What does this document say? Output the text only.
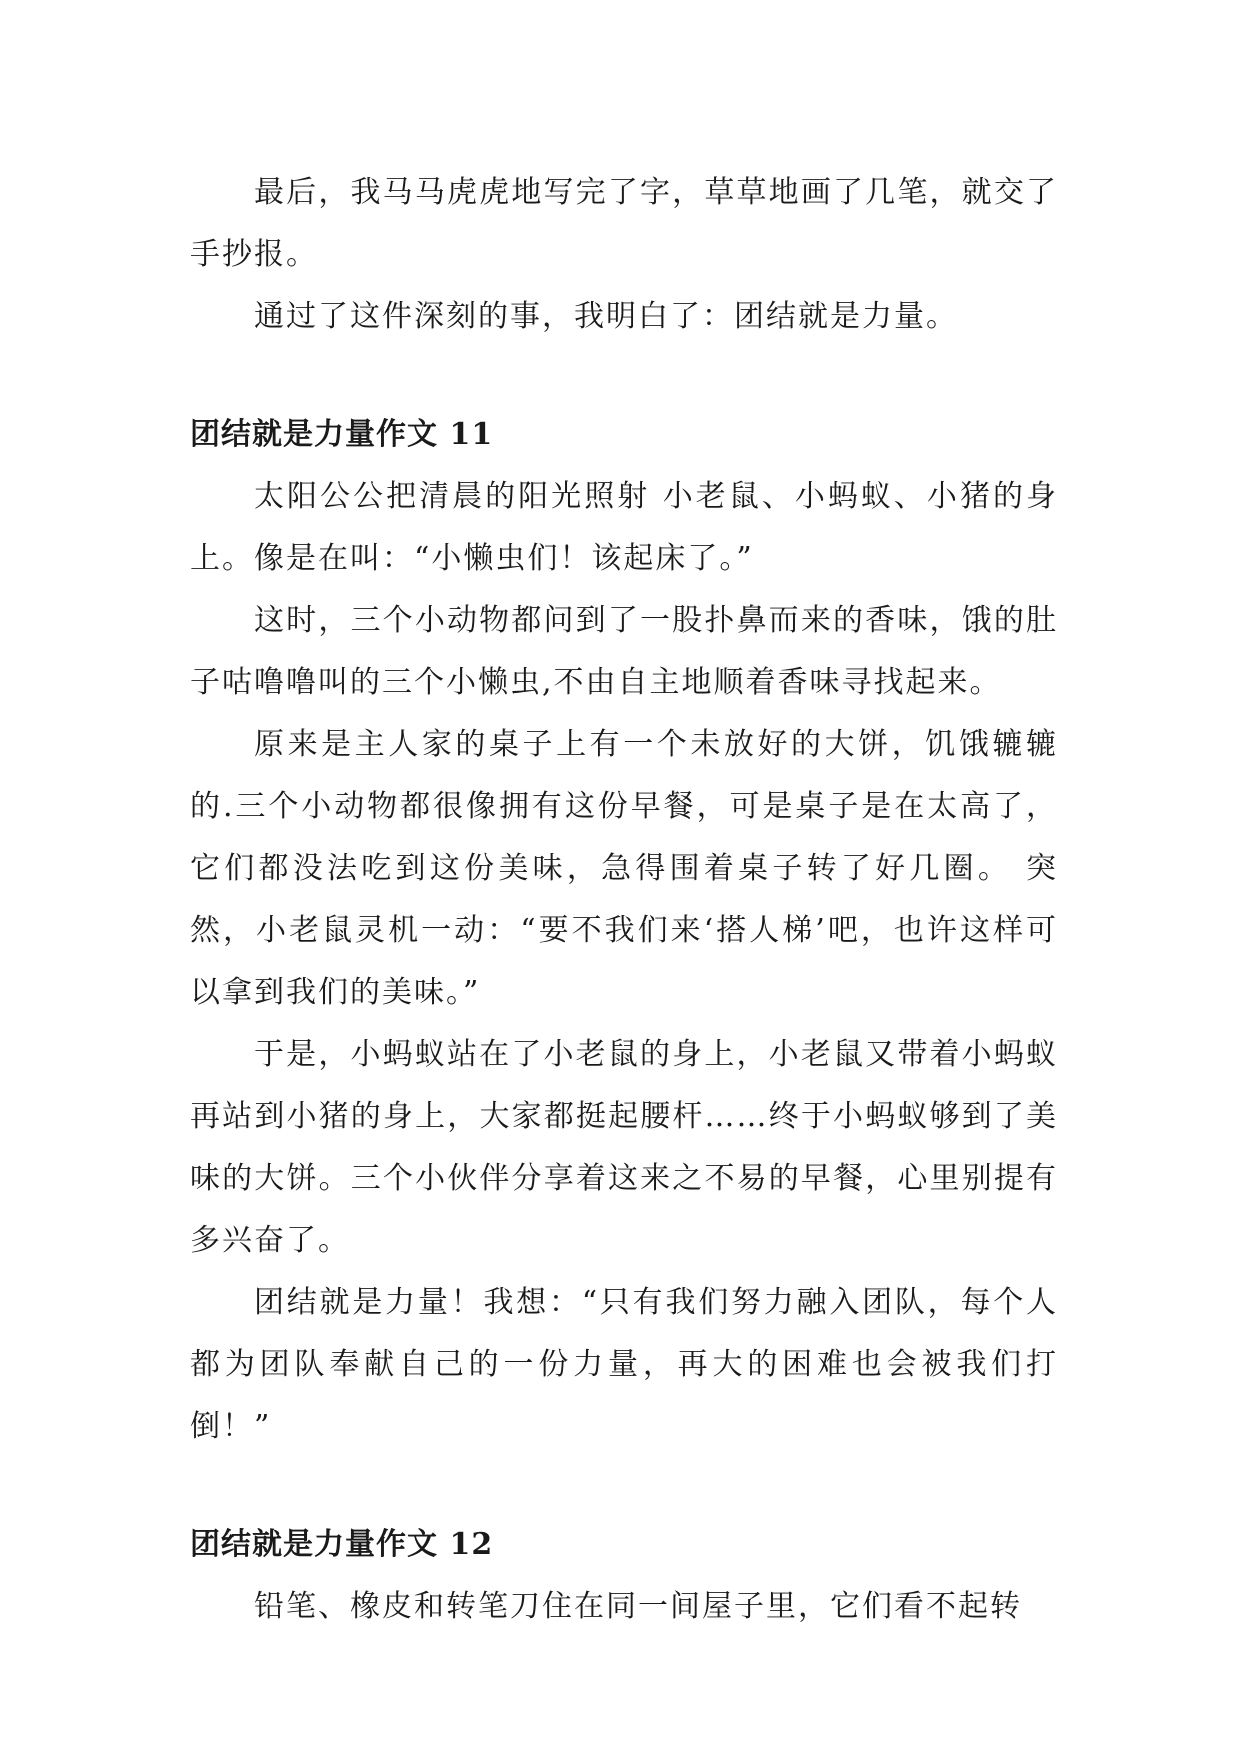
最后，我马马虎虎地写完了字，草草地画了几笔，就交了手抄报。

通过了这件深刻的事，我明白了：团结就是力量。

团结就是力量作文 11

太阳公公把清晨的阳光照射 小老鼠、小蚂蚁、小猪的身上。像是在叫：“小懒虫们！该起床了。”

这时，三个小动物都问到了一股扑鼻而来的香味，饿的肚子咕噜噜叫的三个小懒虫,不由自主地顺着香味寻找起来。

原来是主人家的桌子上有一个未放好的大饼，饥饿辘辘的.三个小动物都很像拥有这份早餐，可是桌子是在太高了，它们都没法吃到这份美味，急得围着桌子转了好几圈。 突然，小老鼠灵机一动：“要不我们来‘搭人梯’吧，也许这样可以拿到我们的美味。”

于是，小蚂蚁站在了小老鼠的身上，小老鼠又带着小蚂蚁再站到小猪的身上，大家都挺起腰杆……终于小蚂蚁够到了美味的大饼。三个小伙伴分享着这来之不易的早餐，心里别提有多兴奋了。

团结就是力量！我想：“只有我们努力融入团队，每个人都为团队奉献自己的一份力量，再大的困难也会被我们打倒！”

团结就是力量作文 12

铅笔、橡皮和转笔刀住在同一间屋子里，它们看不起转
